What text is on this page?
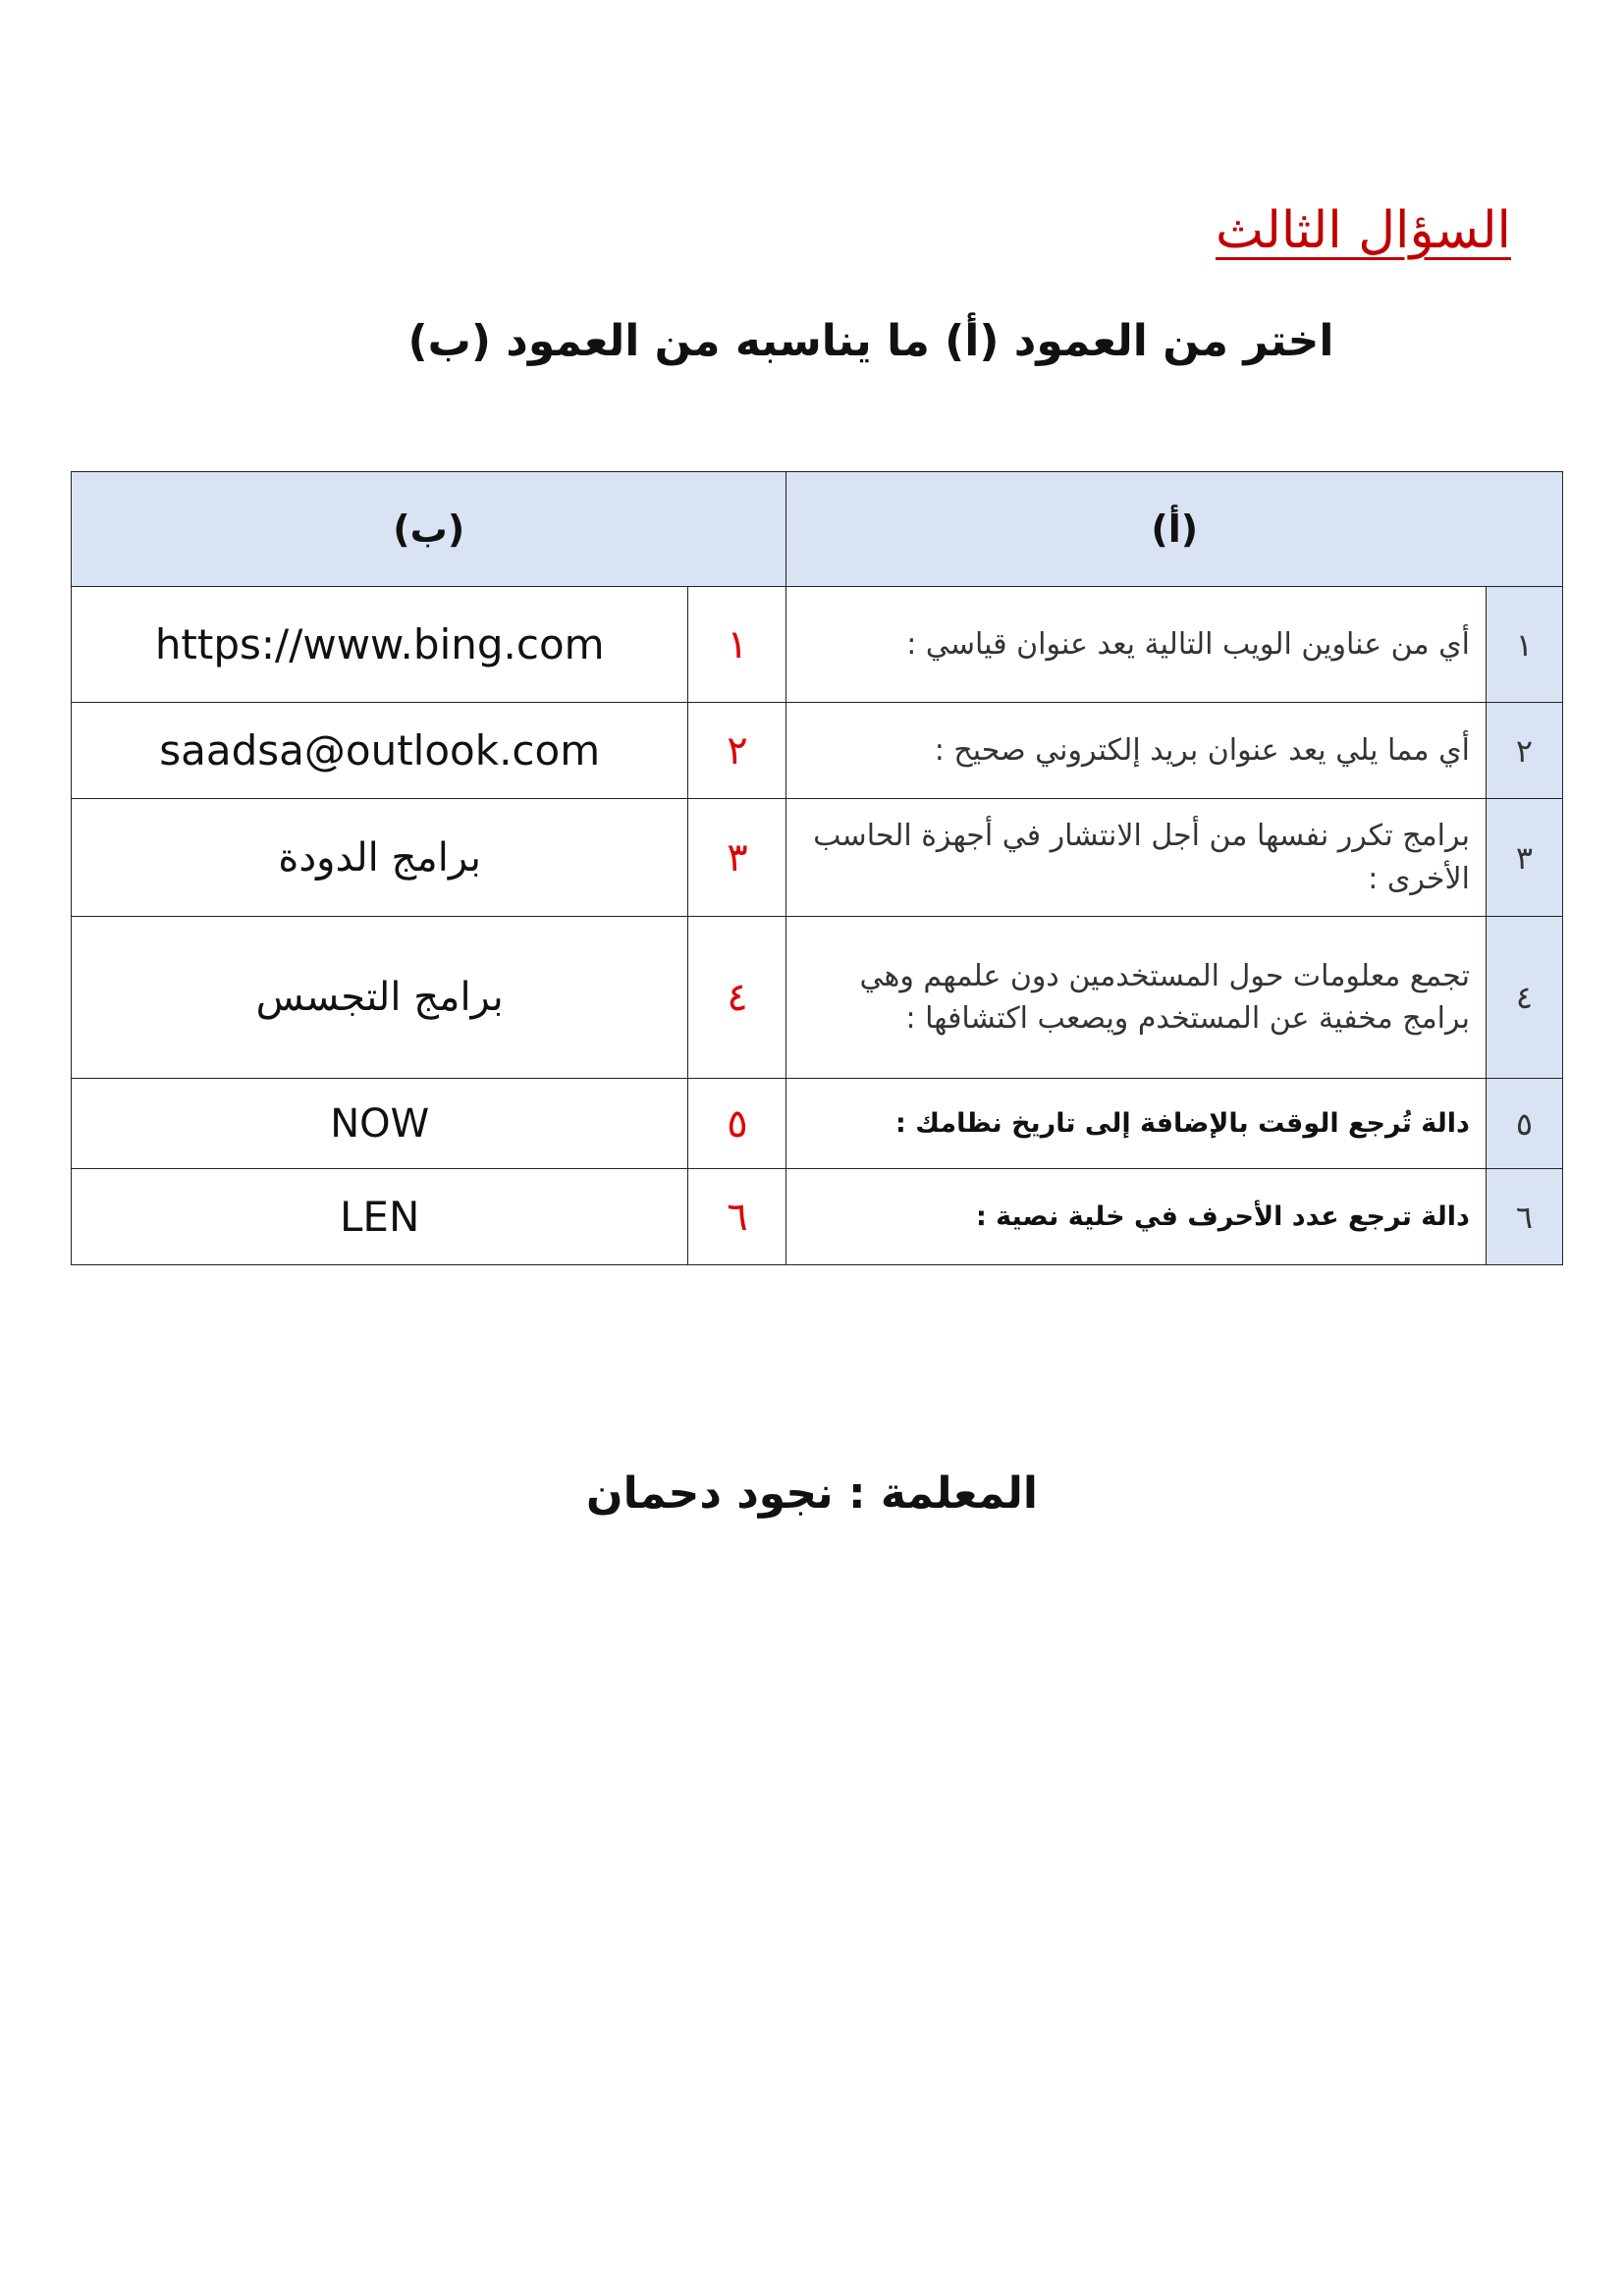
السؤال الثالث
اختر من العمود (أ) ما يناسبه من العمود (ب)
(ب)		(أ)	
https://www.bing.com	١	أي من عناوين الويب التالية يعد عنوان قياسي :	١
saadsa@outlook.com	٢	أي مما يلي يعد عنوان بريد إلكتروني صحيح :	٢
برامج الدودة	٣	برامج تكرر نفسها من أجل الانتشار في أجهزة الحاسب الأخرى :	٣
برامج التجسس	٤	تجمع معلومات حول المستخدمين دون علمهم وهي برامج مخفية عن المستخدم ويصعب اكتشافها :	٤
NOW	٥	دالة تُرجع الوقت بالإضافة إلى تاريخ نظامك :	٥
LEN	٦	دالة ترجع عدد الأحرف في خلية نصية :	٦

المعلمة : نجود دحمان
